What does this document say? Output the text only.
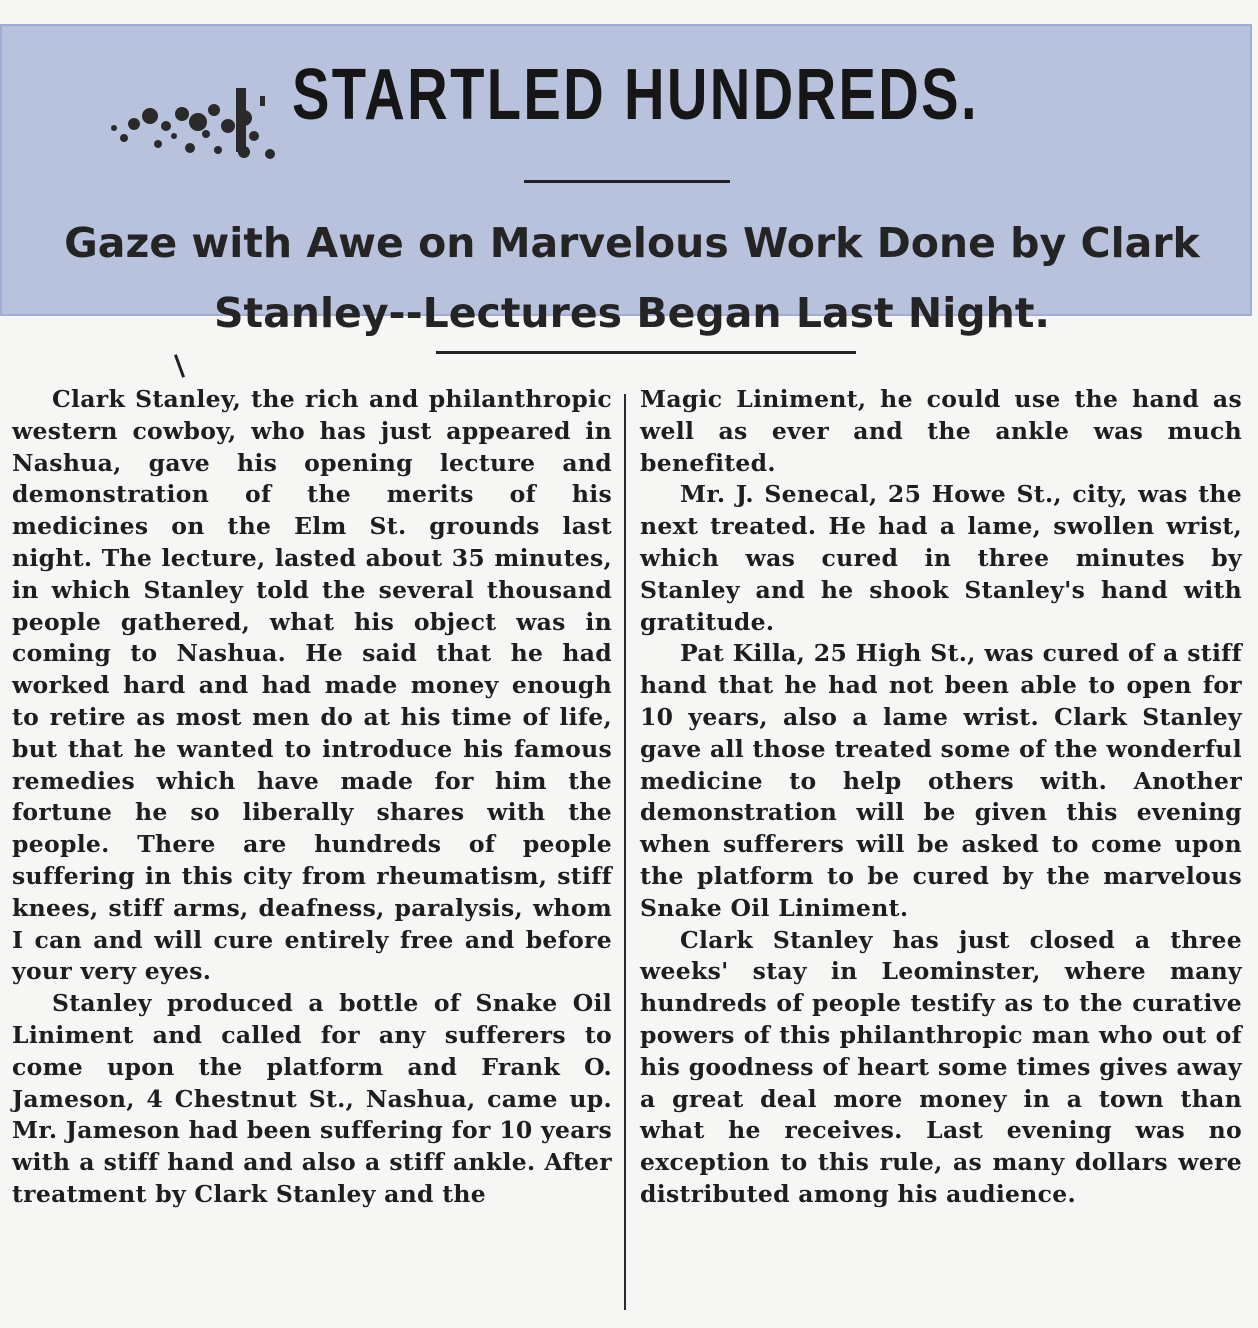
STARTLED HUNDREDS.
Gaze with Awe on Marvelous Work Done by Clark Stanley--Lectures Began Last Night.

Clark Stanley, the rich and philanthropic western cowboy, who has just appeared in Nashua, gave his opening lecture and demonstration of the merits of his medicines on the Elm St. grounds last night. The lecture, lasted about 35 minutes, in which Stanley told the several thousand people gathered, what his object was in coming to Nashua. He said that he had worked hard and had made money enough to retire as most men do at his time of life, but that he wanted to introduce his famous remedies which have made for him the fortune he so liberally shares with the people. There are hundreds of people suffering in this city from rheumatism, stiff knees, stiff arms, deafness, paralysis, whom I can and will cure entirely free and before your very eyes.

Stanley produced a bottle of Snake Oil Liniment and called for any sufferers to come upon the platform and Frank O. Jameson, 4 Chestnut St., Nashua, came up. Mr. Jameson had been suffering for 10 years with a stiff hand and also a stiff ankle. After treatment by Clark Stanley and the

Magic Liniment, he could use the hand as well as ever and the ankle was much benefited.

Mr. J. Senecal, 25 Howe St., city, was the next treated. He had a lame, swollen wrist, which was cured in three minutes by Stanley and he shook Stanley's hand with gratitude.

Pat Killa, 25 High St., was cured of a stiff hand that he had not been able to open for 10 years, also a lame wrist. Clark Stanley gave all those treated some of the wonderful medicine to help others with. Another demonstration will be given this evening when sufferers will be asked to come upon the platform to be cured by the marvelous Snake Oil Liniment.

Clark Stanley has just closed a three weeks' stay in Leominster, where many hundreds of people testify as to the curative powers of this philanthropic man who out of his goodness of heart some times gives away a great deal more money in a town than what he receives. Last evening was no exception to this rule, as many dollars were distributed among his audience.
